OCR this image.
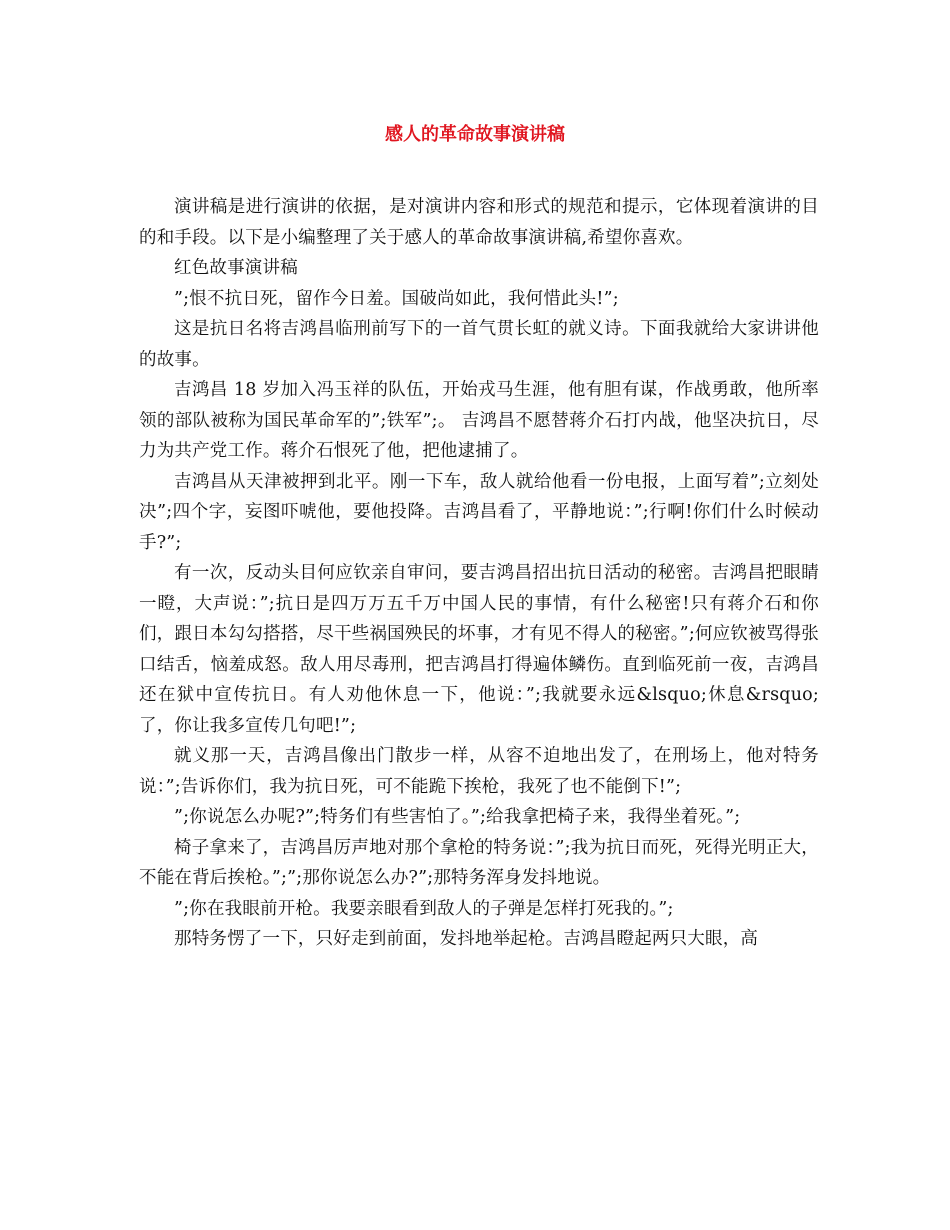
感人的革命故事演讲稿

演讲稿是进行演讲的依据，是对演讲内容和形式的规范和提示，它体现着演讲的目的和手段。以下是小编整理了关于感人的革命故事演讲稿,希望你喜欢。

红色故事演讲稿

”;恨不抗日死，留作今日羞。国破尚如此，我何惜此头!”;

这是抗日名将吉鸿昌临刑前写下的一首气贯长虹的就义诗。下面我就给大家讲讲他的故事。

吉鸿昌 18 岁加入冯玉祥的队伍，开始戎马生涯，他有胆有谋，作战勇敢，他所率领的部队被称为国民革命军的”;铁军”;。 吉鸿昌不愿替蒋介石打内战，他坚决抗日，尽力为共产党工作。蒋介石恨死了他，把他逮捕了。

吉鸿昌从天津被押到北平。刚一下车，敌人就给他看一份电报，上面写着”;立刻处决”;四个字，妄图吓唬他，要他投降。吉鸿昌看了，平静地说：”;行啊!你们什么时候动手?”;

有一次，反动头目何应钦亲自审问，要吉鸿昌招出抗日活动的秘密。吉鸿昌把眼睛一瞪，大声说：”;抗日是四万万五千万中国人民的事情，有什么秘密!只有蒋介石和你们，跟日本勾勾搭搭，尽干些祸国殃民的坏事，才有见不得人的秘密。”;何应钦被骂得张口结舌，恼羞成怒。敌人用尽毒刑，把吉鸿昌打得遍体鳞伤。直到临死前一夜，吉鸿昌还在狱中宣传抗日。有人劝他休息一下，他说：”;我就要永远&lsquo;休息&rsquo;了，你让我多宣传几句吧!”;

就义那一天，吉鸿昌像出门散步一样，从容不迫地出发了，在刑场上，他对特务说：”;告诉你们，我为抗日死，可不能跪下挨枪，我死了也不能倒下!”;

”;你说怎么办呢?”;特务们有些害怕了。”;给我拿把椅子来，我得坐着死。”;

椅子拿来了，吉鸿昌厉声地对那个拿枪的特务说：”;我为抗日而死，死得光明正大，不能在背后挨枪。”;”;那你说怎么办?”;那特务浑身发抖地说。

”;你在我眼前开枪。我要亲眼看到敌人的子弹是怎样打死我的。”;

那特务愣了一下，只好走到前面，发抖地举起枪。吉鸿昌瞪起两只大眼，高
